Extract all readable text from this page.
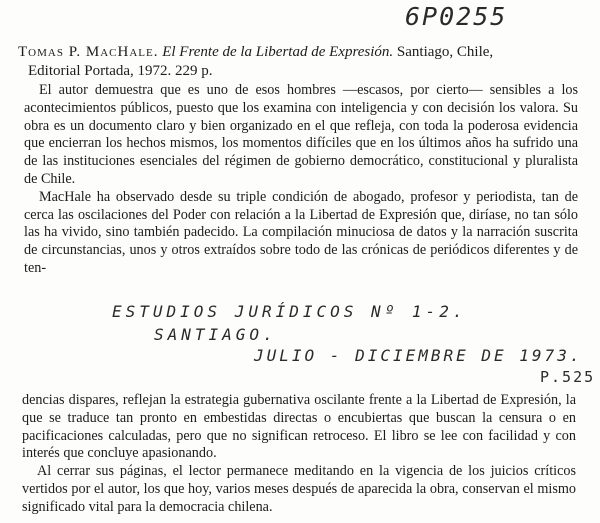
6P0255
Tomas P. MacHale. El Frente de la Libertad de Expresión. Santiago, Chile,
Editorial Portada, 1972. 229 p.

El autor demuestra que es uno de esos hombres —escasos, por cierto— sensibles a los acontecimientos públicos, puesto que los examina con inteligencia y con decisión los valora. Su obra es un documento claro y bien organizado en el que refleja, con toda la poderosa evidencia que encierran los hechos mismos, los momentos difíciles que en los últimos años ha sufrido una de las instituciones esenciales del régimen de gobierno democrático, constitucional y pluralista de Chile.

MacHale ha observado desde su triple condición de abogado, profesor y periodista, tan de cerca las oscilaciones del Poder con relación a la Libertad de Expresión que, diríase, no tan sólo las ha vivido, sino también padecido. La compilación minuciosa de datos y la narración suscrita de circunstancias, unos y otros extraídos sobre todo de las crónicas de periódicos diferentes y de ten-

ESTUDIOS JURÍDICOS Nº 1-2.
SANTIAGO.
JULIO - DICIEMBRE DE 1973.
P.525

dencias dispares, reflejan la estrategia gubernativa oscilante frente a la Libertad de Expresión, la que se traduce tan pronto en embestidas directas o encubiertas que buscan la censura o en pacificaciones calculadas, pero que no significan retroceso. El libro se lee con facilidad y con interés que concluye apasionando.

Al cerrar sus páginas, el lector permanece meditando en la vigencia de los juicios críticos vertidos por el autor, los que hoy, varios meses después de aparecida la obra, conservan el mismo significado vital para la democracia chilena.
